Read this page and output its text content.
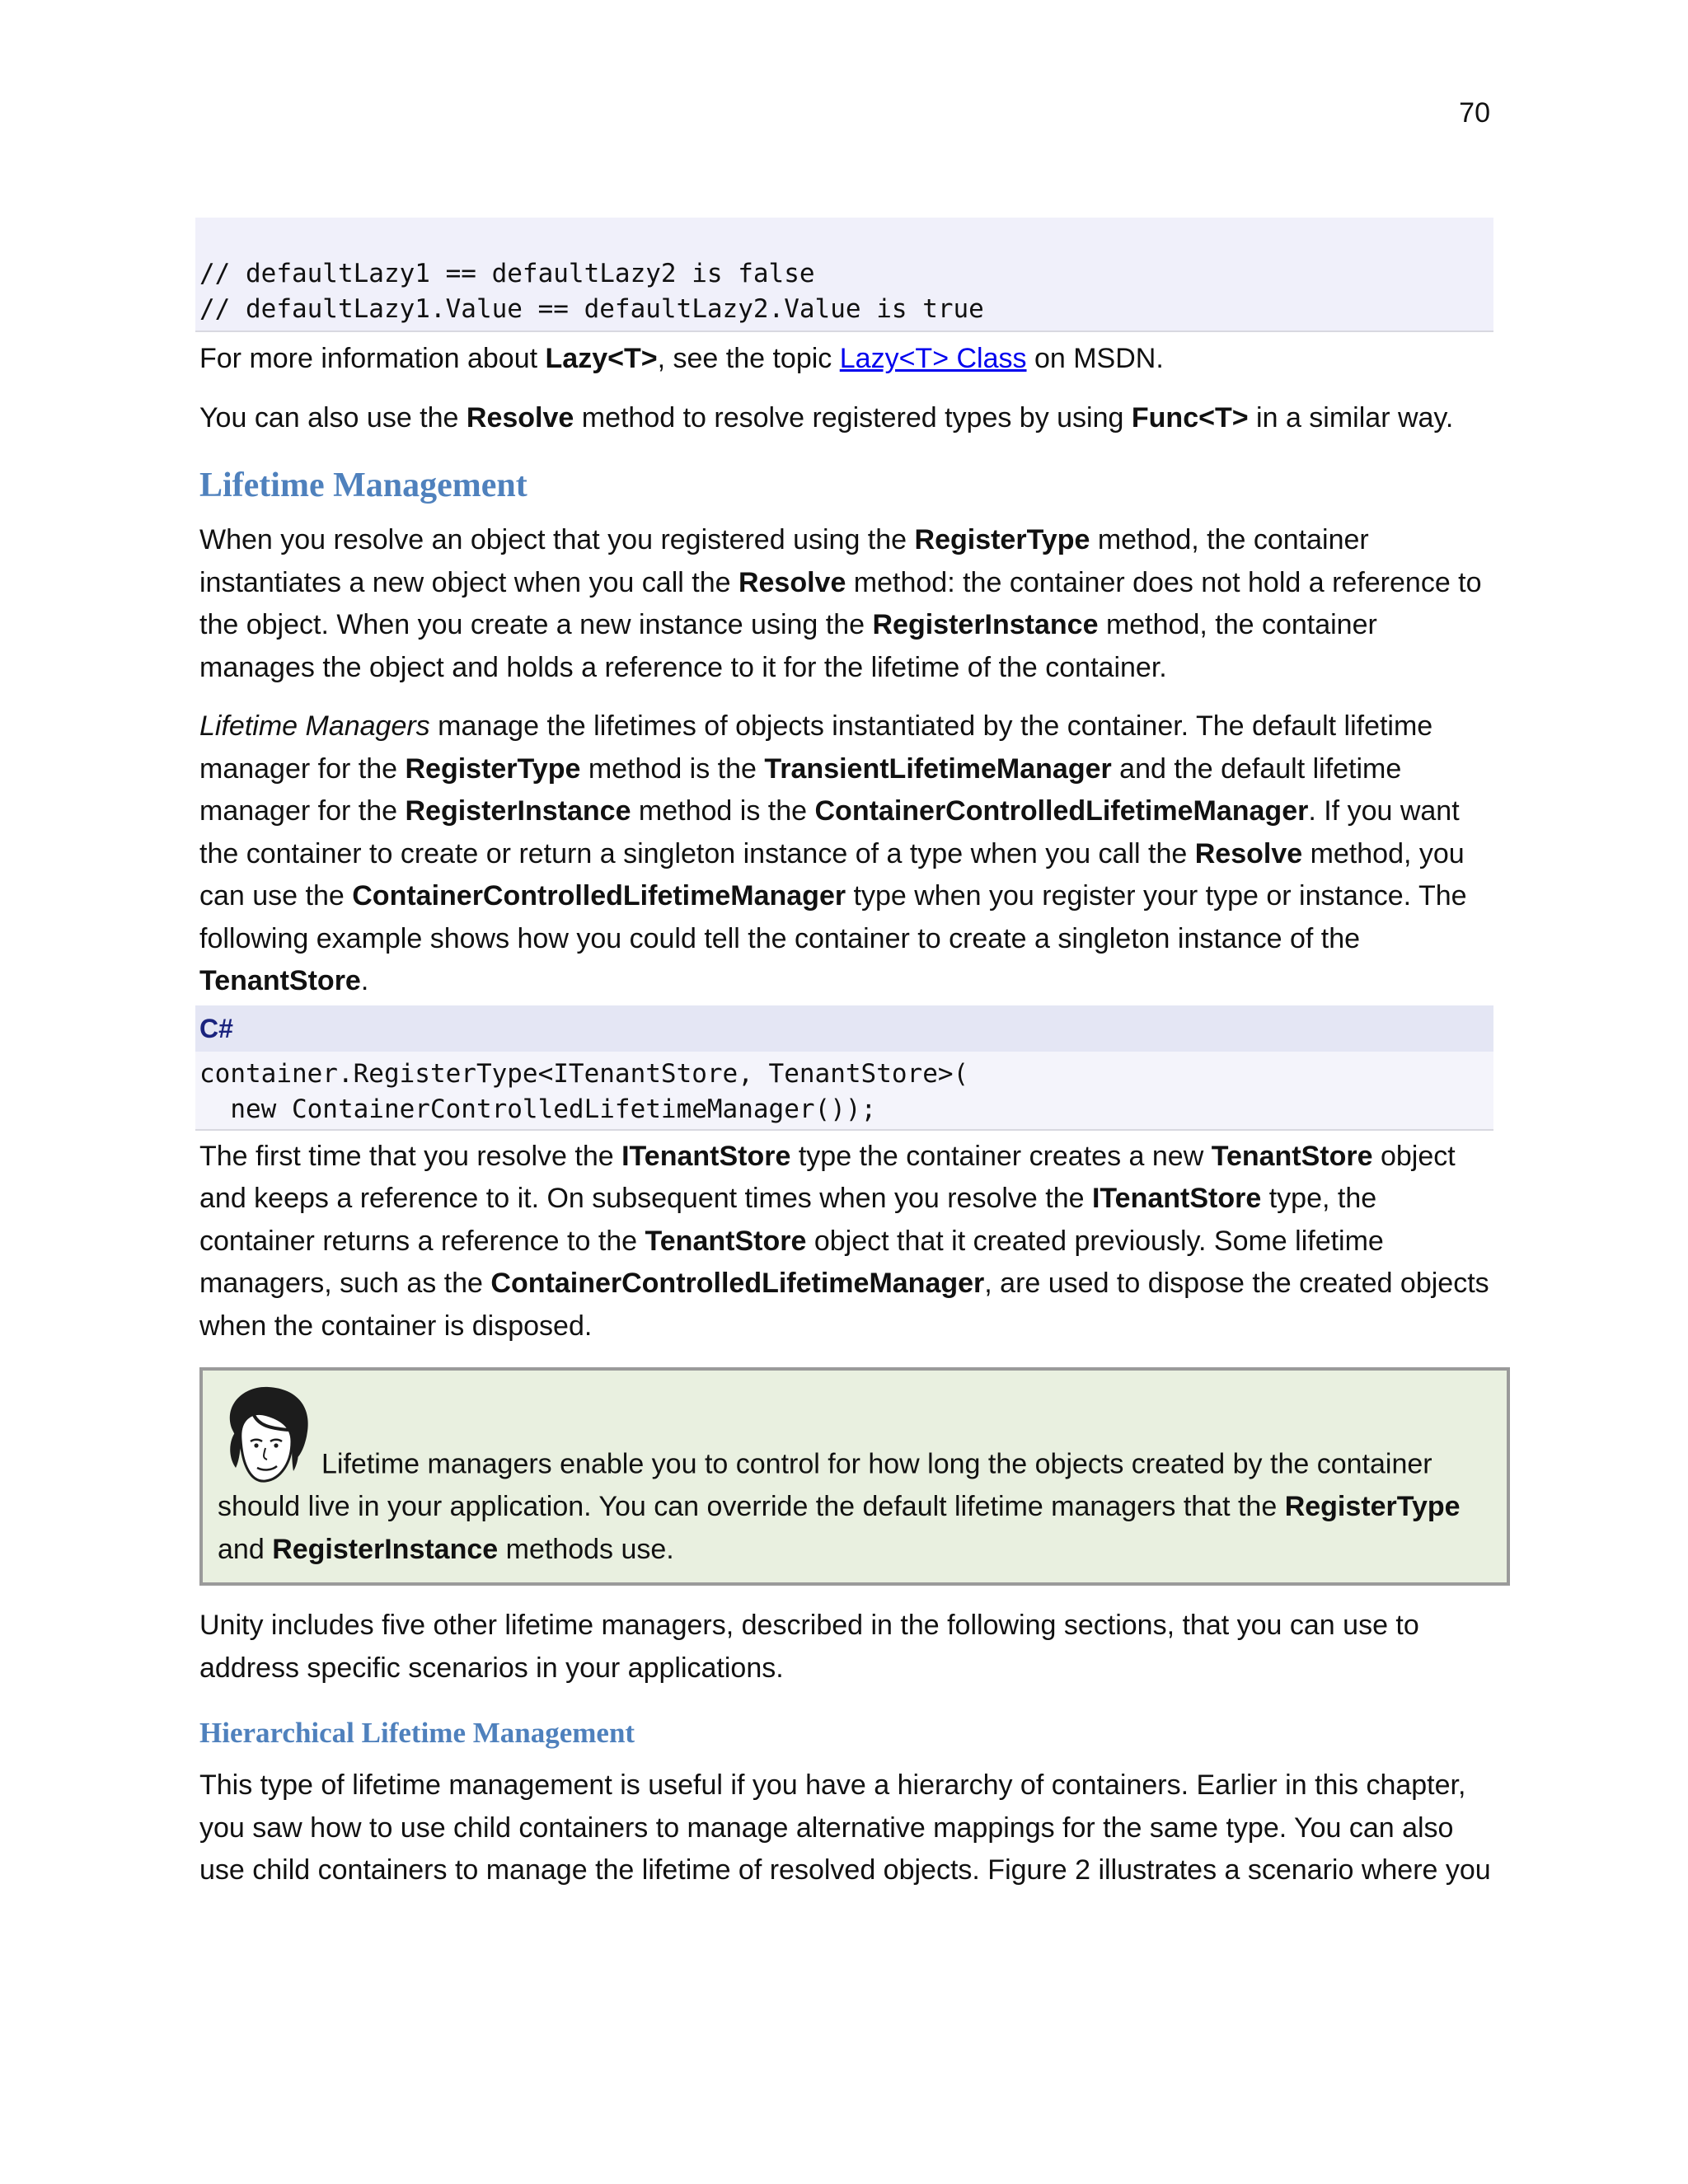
70
// defaultLazy1 == defaultLazy2 is false
// defaultLazy1.Value == defaultLazy2.Value is true

For more information about Lazy<T>, see the topic Lazy<T> Class on MSDN.

You can also use the Resolve method to resolve registered types by using Func<T> in a similar way.

Lifetime Management

When you resolve an object that you registered using the RegisterType method, the container instantiates a new object when you call the Resolve method: the container does not hold a reference to the object. When you create a new instance using the RegisterInstance method, the container manages the object and holds a reference to it for the lifetime of the container.

Lifetime Managers manage the lifetimes of objects instantiated by the container. The default lifetime manager for the RegisterType method is the TransientLifetimeManager and the default lifetime manager for the RegisterInstance method is the ContainerControlledLifetimeManager. If you want the container to create or return a singleton instance of a type when you call the Resolve method, you can use the ContainerControlledLifetimeManager type when you register your type or instance. The following example shows how you could tell the container to create a singleton instance of the TenantStore.

C#
container.RegisterType<ITenantStore, TenantStore>(
new ContainerControlledLifetimeManager());

The first time that you resolve the ITenantStore type the container creates a new TenantStore object and keeps a reference to it. On subsequent times when you resolve the ITenantStore type, the container returns a reference to the TenantStore object that it created previously. Some lifetime managers, such as the ContainerControlledLifetimeManager, are used to dispose the created objects when the container is disposed.

Lifetime managers enable you to control for how long the objects created by the container should live in your application. You can override the default lifetime managers that the RegisterType and RegisterInstance methods use.

Unity includes five other lifetime managers, described in the following sections, that you can use to address specific scenarios in your applications.

Hierarchical Lifetime Management

This type of lifetime management is useful if you have a hierarchy of containers. Earlier in this chapter, you saw how to use child containers to manage alternative mappings for the same type. You can also use child containers to manage the lifetime of resolved objects. Figure 2 illustrates a scenario where you
